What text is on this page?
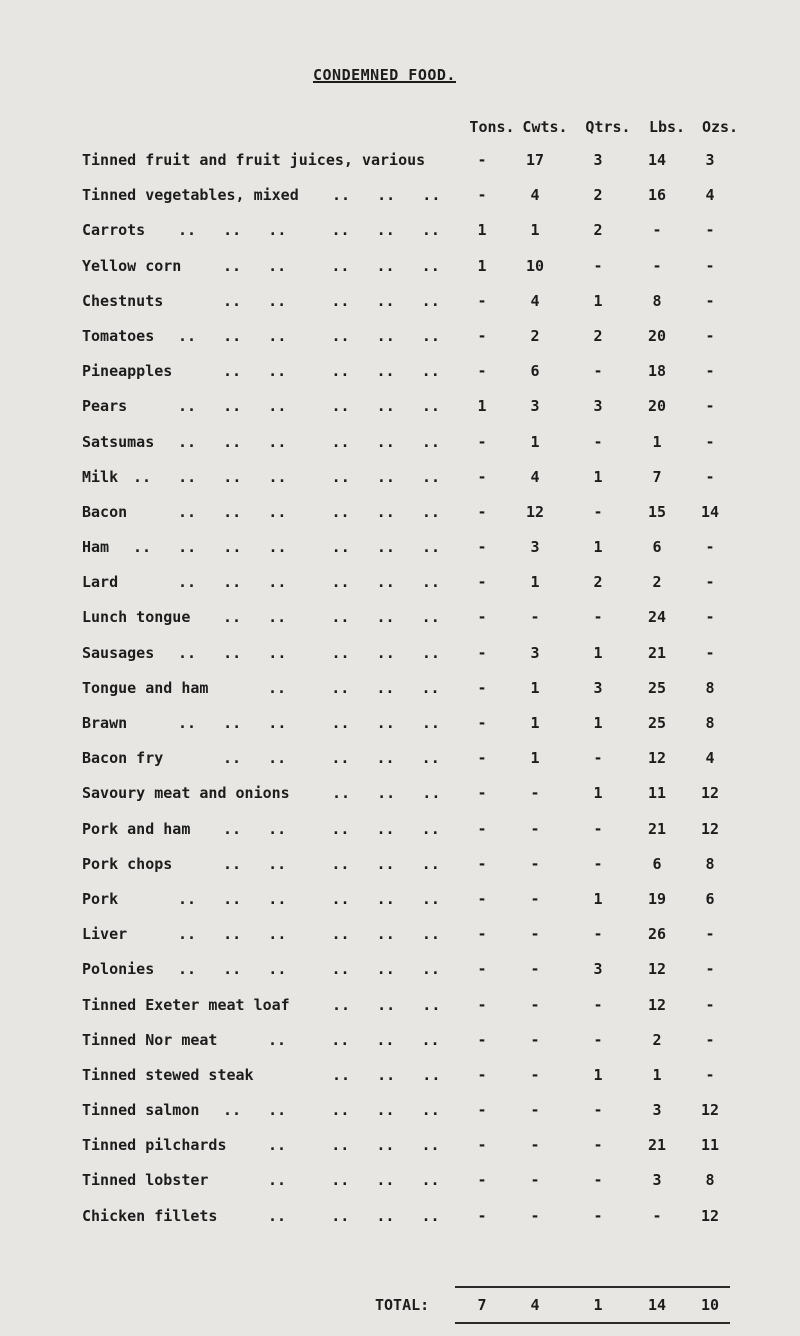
CONDEMNED FOOD.
Tons. Cwts.	Qtrs.	Lbs.	Ozs.
Tinned fruit and fruit juices, various	-	17	3	14	3
Tinned vegetables, mixed	-	4	2	16	4
..   ..   ..
Carrots	1	1	2	-	-
..   ..   ..     ..   ..   ..
Yellow corn	1	10	-	-	-
..   ..     ..   ..   ..
Chestnuts	-	4	1	8	-
..   ..     ..   ..   ..
Tomatoes	-	2	2	20	-
..   ..   ..     ..   ..   ..
Pineapples	-	6	-	18	-
..   ..     ..   ..   ..
Pears	1	3	3	20	-
..   ..   ..     ..   ..   ..
Satsumas	-	1	-	1	-
..   ..   ..     ..   ..   ..
Milk	-	4	1	7	-
..   ..   ..   ..     ..   ..   ..
Bacon	-	12	-	15	14
..   ..   ..     ..   ..   ..
Ham	-	3	1	6	-
..   ..   ..   ..     ..   ..   ..
Lard	-	1	2	2	-
..   ..   ..     ..   ..   ..
Lunch tongue	-	-	-	24	-
..   ..     ..   ..   ..
Sausages	-	3	1	21	-
..   ..   ..     ..   ..   ..
Tongue and ham	-	1	3	25	8
..     ..   ..   ..
Brawn	-	1	1	25	8
..   ..   ..     ..   ..   ..
Bacon fry	-	1	-	12	4
..   ..     ..   ..   ..
Savoury meat and onions	-	-	1	11	12
..   ..   ..
Pork and ham	-	-	-	21	12
..   ..     ..   ..   ..
Pork chops	-	-	-	6	8
..   ..     ..   ..   ..
Pork	-	-	1	19	6
..   ..   ..     ..   ..   ..
Liver	-	-	-	26	-
..   ..   ..     ..   ..   ..
Polonies	-	-	3	12	-
..   ..   ..     ..   ..   ..
Tinned Exeter meat loaf	-	-	-	12	-
..   ..   ..
Tinned Nor meat	-	-	-	2	-
..     ..   ..   ..
Tinned stewed steak	-	-	1	1	-
..   ..   ..
Tinned salmon	-	-	-	3	12
..   ..     ..   ..   ..
Tinned pilchards	-	-	-	21	11
..     ..   ..   ..
Tinned lobster	-	-	-	3	8
..     ..   ..   ..
Chicken fillets	-	-	-	-	12
..     ..   ..   ..
TOTAL:	7	4	1	14	10
